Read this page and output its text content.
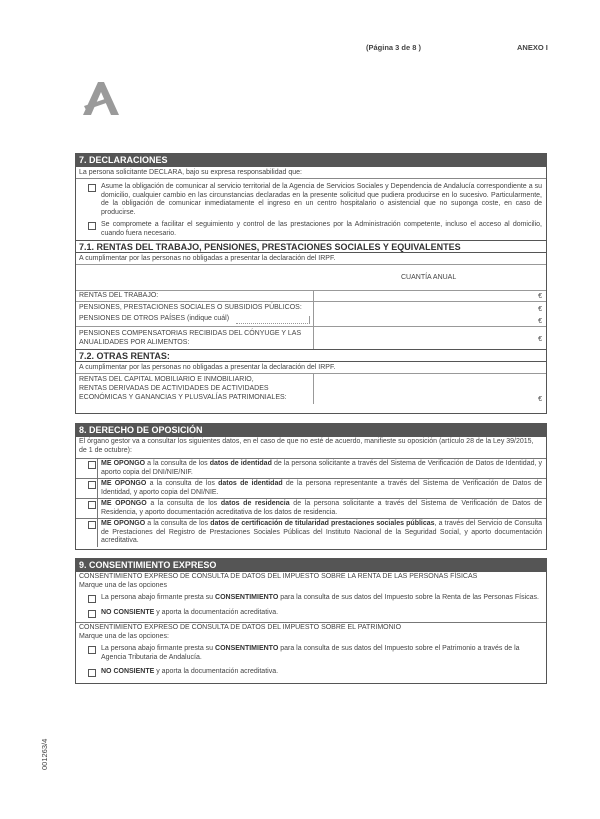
(Página 3 de 8 )	ANEXO I
001263/4
7. DECLARACIONES
La persona solicitante DECLARA, bajo su expresa responsabilidad que:
Asume la obligación de comunicar al servicio territorial de la Agencia de Servicios Sociales y Dependencia de Andalucía correspondiente a su domicilio, cualquier cambio en las circunstancias declaradas en la presente solicitud que pudiera producirse en lo sucesivo. Particularmente, de la obligación de comunicar inmediatamente el ingreso en un centro hospitalario o asistencial que no suponga coste, en caso de producirse.
Se compromete a facilitar el seguimiento y control de las prestaciones por la Administración competente, incluso el acceso al domicilio, cuando fuera necesario.
7.1. RENTAS DEL TRABAJO, PENSIONES, PRESTACIONES SOCIALES Y EQUIVALENTES
A cumplimentar por las personas no obligadas a presentar la declaración del IRPF.
CUANTÍA ANUAL
RENTAS DEL TRABAJO:	€
PENSIONES, PRESTACIONES SOCIALES O SUBSIDIOS PÚBLICOS:	€
PENSIONES DE OTROS PAÍSES (indique cuál)	€
PENSIONES COMPENSATORIAS RECIBIDAS DEL CÓNYUGE Y LAS ANUALIDADES POR ALIMENTOS:	€
7.2. OTRAS RENTAS:
A cumplimentar por las personas no obligadas a presentar la declaración del IRPF.
RENTAS DEL CAPITAL MOBILIARIO E INMOBILIARIO,
RENTAS DERIVADAS DE ACTIVIDADES DE ACTIVIDADES
ECONÓMICAS Y GANANCIAS Y PLUSVALÍAS PATRIMONIALES:	€
8. DERECHO DE OPOSICIÓN
El órgano gestor va a consultar los siguientes datos, en el caso de que no esté de acuerdo, manifieste su oposición (artículo 28 de la Ley 39/2015, de 1 de octubre):
ME OPONGO a la consulta de los datos de identidad de la persona solicitante a través del Sistema de Verificación de Datos de Identidad, y aporto copia del DNI/NIE/NIF.
ME OPONGO a la consulta de los datos de identidad de la persona representante a través del Sistema de Verificación de Datos de Identidad, y aporto copia del DNI/NIE.
ME OPONGO a la consulta de los datos de residencia de la persona solicitante a través del Sistema de Verificación de Datos de Residencia, y aporto documentación acreditativa de los datos de residencia.
ME OPONGO a la consulta de los datos de certificación de titularidad prestaciones sociales públicas, a través del Servicio de Consulta de Prestaciones del Registro de Prestaciones Sociales Públicas del Instituto Nacional de la Seguridad Social, y aporto documentación acreditativa.
9. CONSENTIMIENTO EXPRESO
CONSENTIMIENTO EXPRESO DE CONSULTA DE DATOS DEL IMPUESTO SOBRE LA RENTA DE LAS PERSONAS FÍSICAS
Marque una de las opciones
La persona abajo firmante presta su CONSENTIMIENTO para la consulta de sus datos del Impuesto sobre la Renta de las Personas Físicas.
NO CONSIENTE y aporta la documentación acreditativa.
CONSENTIMIENTO EXPRESO DE CONSULTA DE DATOS DEL IMPUESTO SOBRE EL PATRIMONIO
Marque una de las opciones:
La persona abajo firmante presta su CONSENTIMIENTO para la consulta de sus datos del Impuesto sobre el Patrimonio a través de la Agencia Tributaria de Andalucía.
NO CONSIENTE y aporta la documentación acreditativa.
